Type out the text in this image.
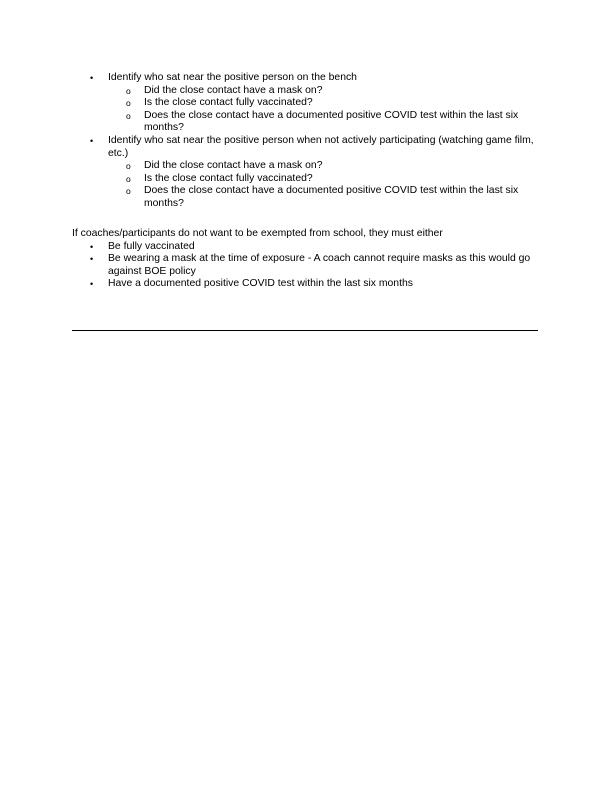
• Identify who sat near the positive person on the bench
o Did the close contact have a mask on?
o Is the close contact fully vaccinated?
o Does the close contact have a documented positive COVID test within the last six months?
• Identify who sat near the positive person when not actively participating (watching game film, etc.)
o Did the close contact have a mask on?
o Is the close contact fully vaccinated?
o Does the close contact have a documented positive COVID test within the last six months?

If coaches/participants do not want to be exempted from school, they must either

• Be fully vaccinated
• Be wearing a mask at the time of exposure - A coach cannot require masks as this would go against BOE policy
• Have a documented positive COVID test within the last six months
